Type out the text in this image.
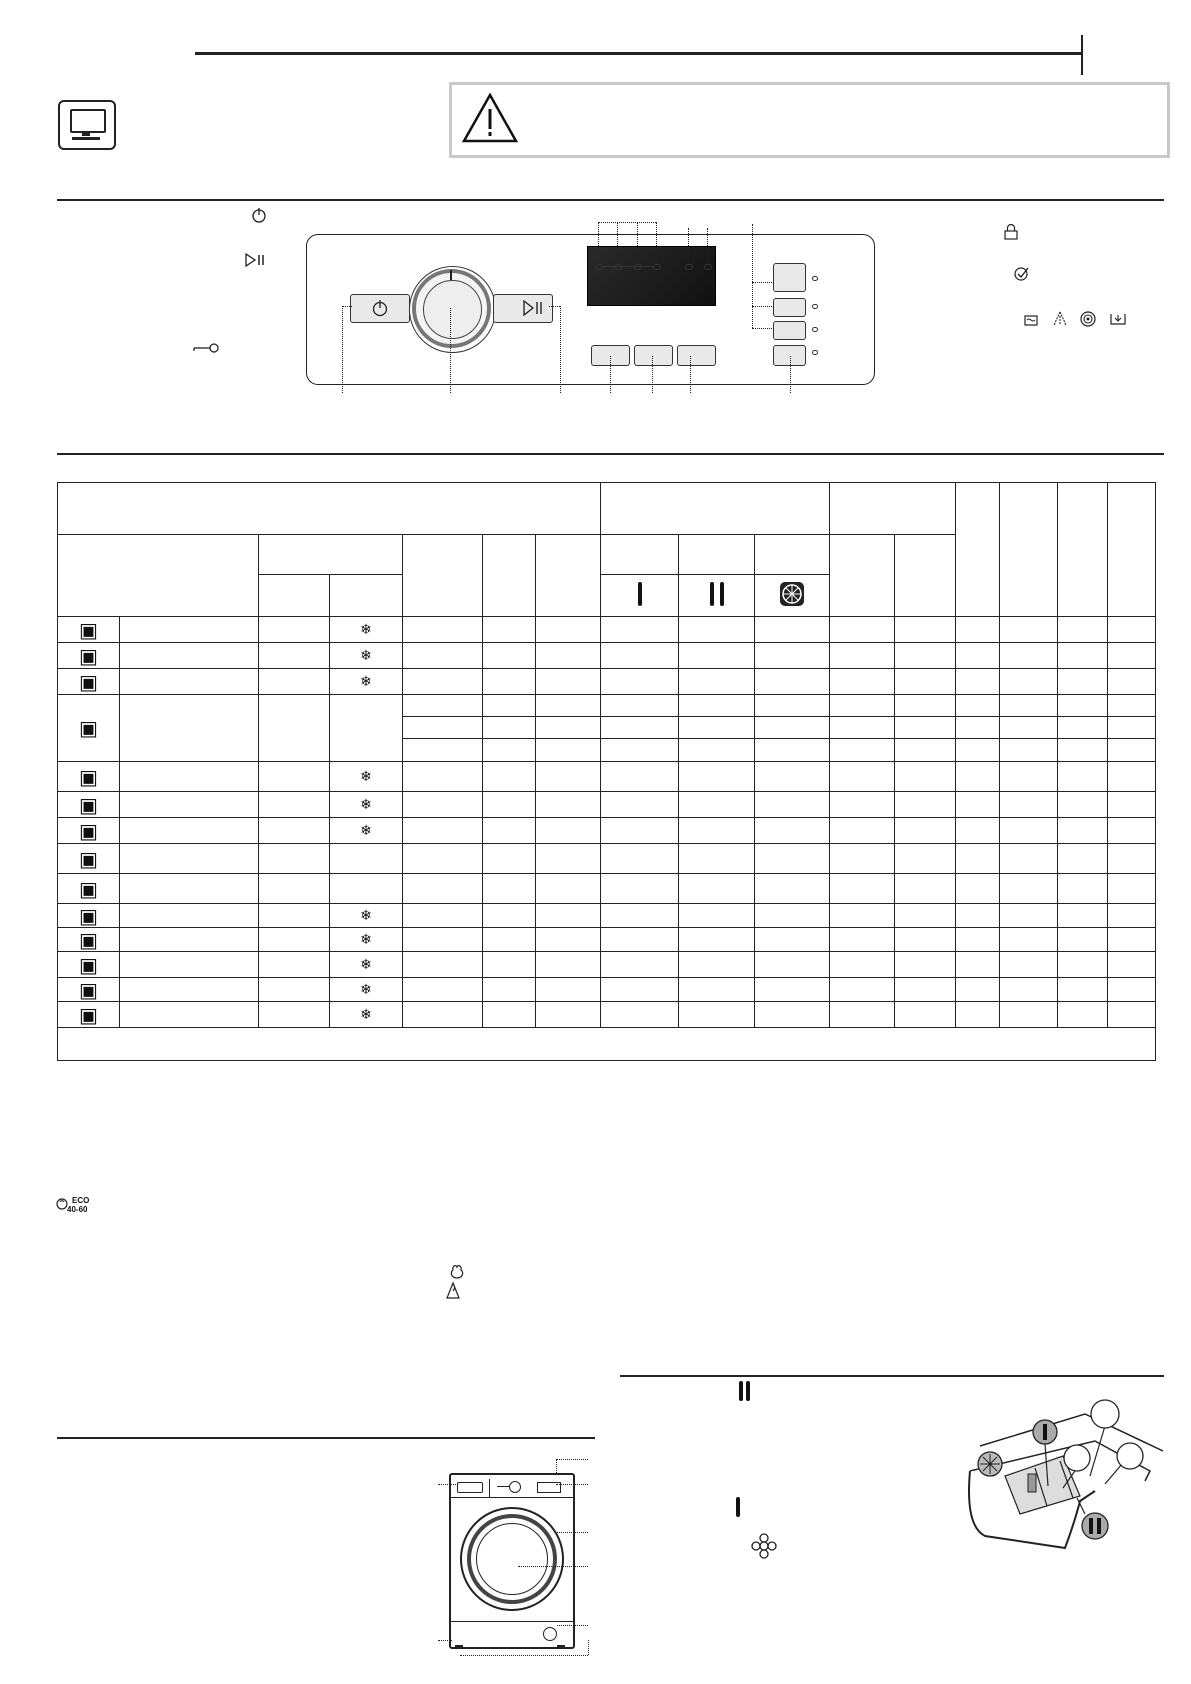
▣			❄												
▣			❄												
▣			❄												
▣															

▣			❄												
▣			❄												
▣			❄												
▣															
▣															
▣			❄												
▣			❄												
▣			❄												
▣			❄												
▣			❄												

ECO
40-60
